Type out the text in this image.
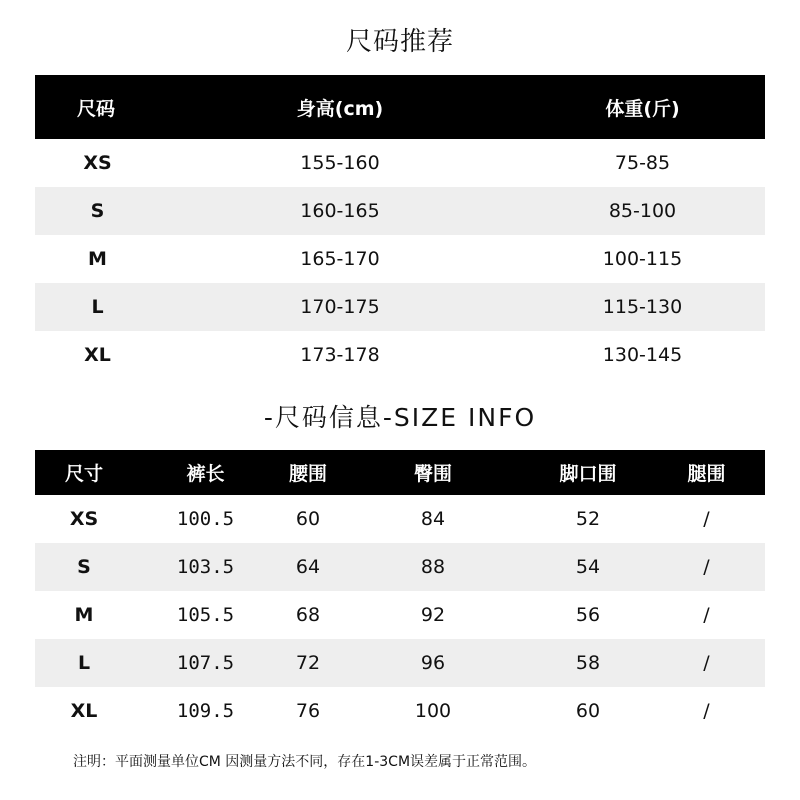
尺码推荐
尺码	身高(cm)	体重(斤)
XS	155-160	75-85
S	160-165	85-100
M	165-170	100-115
L	170-175	115-130
XL	173-178	130-145
-尺码信息-SIZE INFO
尺寸	裤长	腰围	臀围	脚口围	腿围
XS	100.5	60	84	52	/
S	103.5	64	88	54	/
M	105.5	68	92	56	/
L	107.5	72	96	58	/
XL	109.5	76	100	60	/
注明：平面测量单位CM 因测量方法不同，存在1-3CM误差属于正常范围。
